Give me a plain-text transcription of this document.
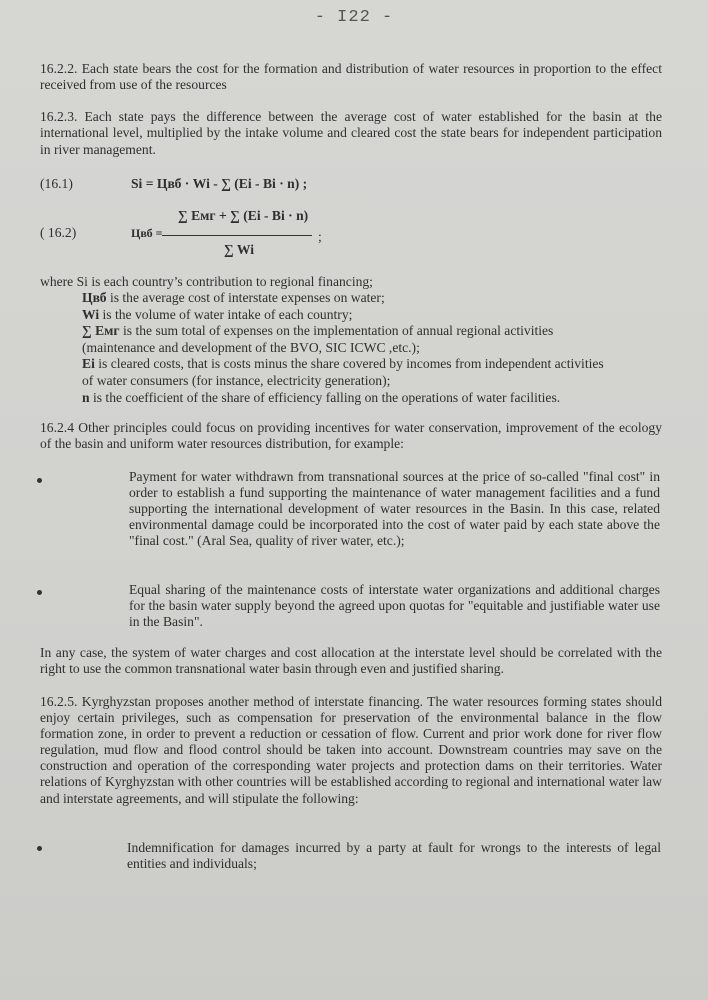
- I22 -
16.2.2. Each state bears the cost for the formation and distribution of water resources in proportion to the effect received from use of the resources
16.2.3. Each state pays the difference between the average cost of water established for the basin at the international level, multiplied by the intake volume and cleared cost the state bears for independent participation in river management.
(16.1)	Si = Цвб · Wi - ∑ (Ei - Bi · n) ;
( 16.2)	Цвб =
∑ Емг + ∑ (Ei - Bi · n)
∑ Wi
;
where Si is each country’s contribution to regional financing;
Цвб is the average cost of interstate expenses on water;
Wi is the volume of water intake of each country;
∑ Емг is the sum total of expenses on the implementation of annual regional activities
(maintenance and development of the BVO, SIC ICWC ,etc.);
Ei is cleared costs, that is costs minus the share covered by incomes from independent activities
of water consumers (for instance, electricity generation);
n is the coefficient of the share of efficiency falling on the operations of water facilities.
16.2.4 Other principles could focus on providing incentives for water conservation, improvement of the ecology of the basin and uniform water resources distribution, for example:
Payment for water withdrawn from transnational sources at the price of so-called "final cost" in order to establish a fund supporting the maintenance of water management facilities and a fund supporting the international development of water resources in the Basin. In this case, related environmental damage could be incorporated into the cost of water paid by each state above the "final cost." (Aral Sea, quality of river water, etc.);
Equal sharing of the maintenance costs of interstate water organizations and additional charges for the basin water supply beyond the agreed upon quotas for "equitable and justifiable water use in the Basin".
In any case, the system of water charges and cost allocation at the interstate level should be correlated with the right to use the common transnational water basin through even and justified sharing.
16.2.5. Kyrghyzstan proposes another method of interstate financing. The water resources forming states should enjoy certain privileges, such as compensation for preservation of the environmental balance in the flow formation zone, in order to prevent a reduction or cessation of flow. Current and prior work done for river flow regulation, mud flow and flood control should be taken into account. Downstream countries may save on the construction and operation of the corresponding water projects and protection dams on their territories. Water relations of Kyrghyzstan with other countries will be established according to regional and international water law and interstate agreements, and will stipulate the following:
Indemnification for damages incurred by a party at fault for wrongs to the interests of legal entities and individuals;
